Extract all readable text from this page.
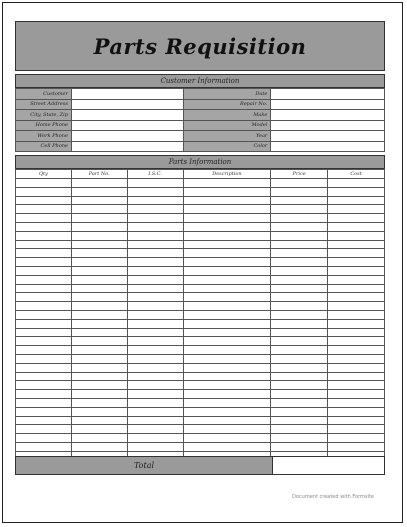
Parts Requisition
Customer Information
Customer		Date	
Street Address		Repair No.	
City, State, Zip		Make	
Home Phone		Model	
Work Phone		Year	
Cell Phone		Color	
Parts Information
Qty	Part No.	I.S.C.	Description	Price	Cost

Total
Document created with Formsite
